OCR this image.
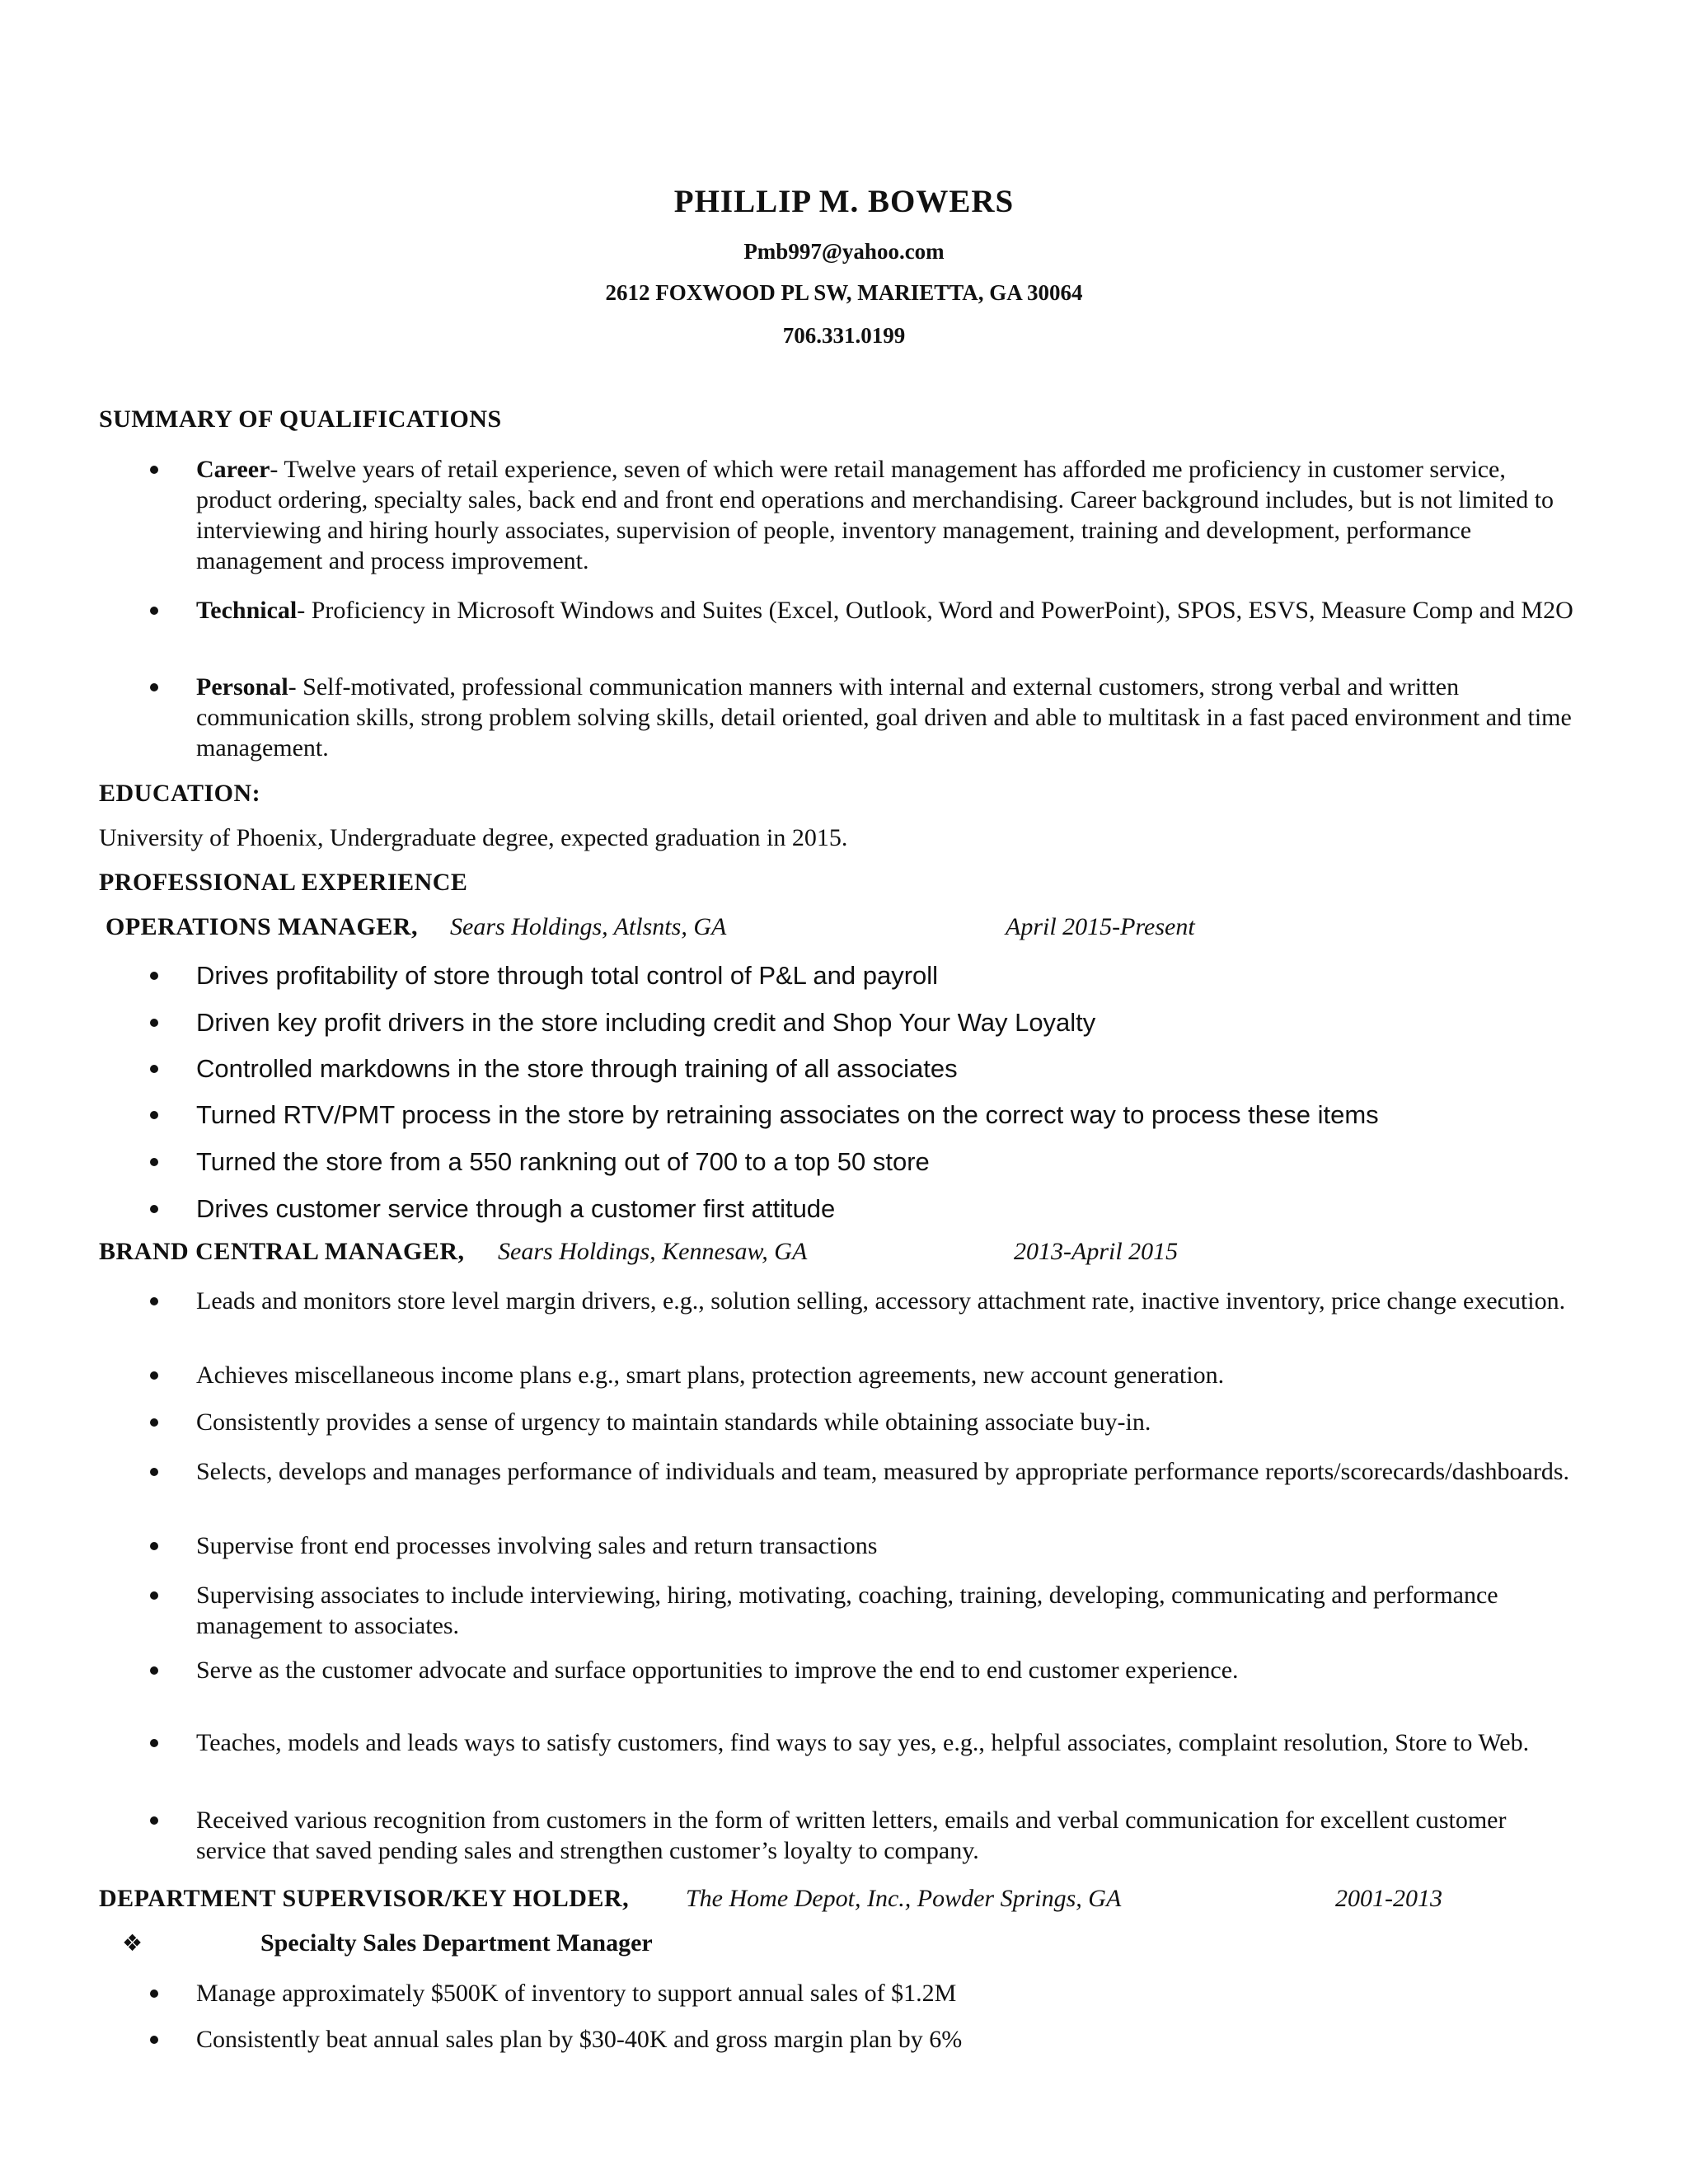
PHILLIP M. BOWERS
Pmb997@yahoo.com
2612 FOXWOOD PL SW, MARIETTA, GA 30064
706.331.0199
SUMMARY OF QUALIFICATIONS
Career- Twelve years of retail experience, seven of which were retail management has afforded me proficiency in customer service, product ordering, specialty sales, back end and front end operations and merchandising. Career background includes, but is not limited to interviewing and hiring hourly associates, supervision of people, inventory management, training and development, performance management and process improvement.
Technical- Proficiency in Microsoft Windows and Suites (Excel, Outlook, Word and PowerPoint), SPOS, ESVS, Measure Comp and M2O
Personal- Self-motivated, professional communication manners with internal and external customers, strong verbal and written communication skills, strong problem solving skills, detail oriented, goal driven and able to multitask in a fast paced environment and time management.
EDUCATION:
University of Phoenix, Undergraduate degree, expected graduation in 2015.
PROFESSIONAL EXPERIENCE
OPERATIONS MANAGER, Sears Holdings, Atlsnts, GA	April 2015-Present
Drives profitability of store through total control of P&L and payroll
Driven key profit drivers in the store including credit and Shop Your Way Loyalty
Controlled markdowns in the store through training of all associates
Turned RTV/PMT process in the store by retraining associates on the correct way to process these items
Turned the store from a 550 rankning out of 700 to a top 50 store
Drives customer service through a customer first attitude
BRAND CENTRAL MANAGER, Sears Holdings, Kennesaw, GA	2013-April 2015
Leads and monitors store level margin drivers, e.g., solution selling, accessory attachment rate, inactive inventory, price change execution.
Achieves miscellaneous income plans e.g., smart plans, protection agreements, new account generation.
Consistently provides a sense of urgency to maintain standards while obtaining associate buy-in.
Selects, develops and manages performance of individuals and team, measured by appropriate performance reports/scorecards/dashboards.
Supervise front end processes involving sales and return transactions
Supervising associates to include interviewing, hiring, motivating, coaching, training, developing, communicating and performance management to associates.
Serve as the customer advocate and surface opportunities to improve the end to end customer experience.
Teaches, models and leads ways to satisfy customers, find ways to say yes, e.g., helpful associates, complaint resolution, Store to Web.
Received various recognition from customers in the form of written letters, emails and verbal communication for excellent customer service that saved pending sales and strengthen customer’s loyalty to company.
DEPARTMENT SUPERVISOR/KEY HOLDER, The Home Depot, Inc., Powder Springs, GA	2001-2013
❖	Specialty Sales Department Manager
Manage approximately $500K of inventory to support annual sales of $1.2M
Consistently beat annual sales plan by $30-40K and gross margin plan by 6%
